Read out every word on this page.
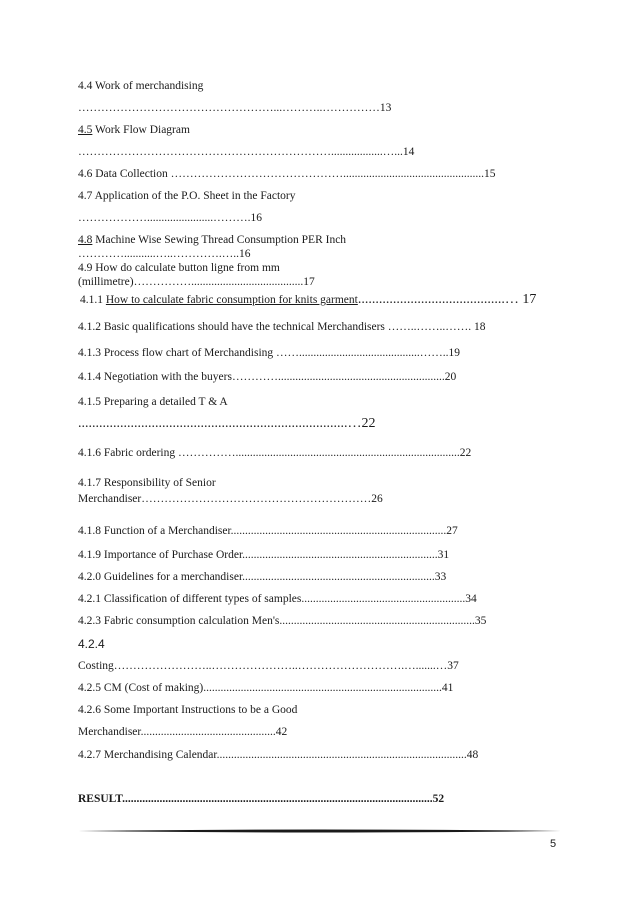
4.4 Work of merchandising
……………………………………………...………..……………13
4.5 Work Flow Diagram
…………………………………………………………..................…...14
4.6 Data Collection ……………………………………….................................................15
4.7 Application of the P.O. Sheet in the Factory
……………….......................……….16
4.8 Machine Wise Sewing Thread Consumption PER Inch
…………...........…..………….…..16
4.9 How do calculate button ligne from mm
(millimetre)…………….......................................17
4.1.1 How to calculate fabric consumption for knits garment..........................................… 17
4.1.2 Basic qualifications should have the technical Merchandisers ……..……..……. 18
4.1.3 Process flow chart of Merchandising ……..........................................……..19
4.1.4 Negotiation with the buyers…………..........................................................20
4.1.5 Preparing a detailed T & A
.............................................................................…22
4.1.6 Fabric ordering ……………..............................................................................22
4.1.7 Responsibility of Senior
Merchandiser……………………………………………………26
4.1.8 Function of a Merchandiser...........................................................................27
4.1.9 Importance of Purchase Order....................................................................31
4.2.0 Guidelines for a merchandiser...................................................................33
4.2.1 Classification of different types of samples.........................................................34
4.2.3 Fabric consumption calculation Men's....................................................................35
4.2.4
Costing……………………..…………………..……………………….….......…37
4.2.5 CM (Cost of making)...................................................................................41
4.2.6 Some Important Instructions to be a Good
Merchandiser...............................................42
4.2.7 Merchandising Calendar.......................................................................................48
RESULT............................................................................................................52
5
